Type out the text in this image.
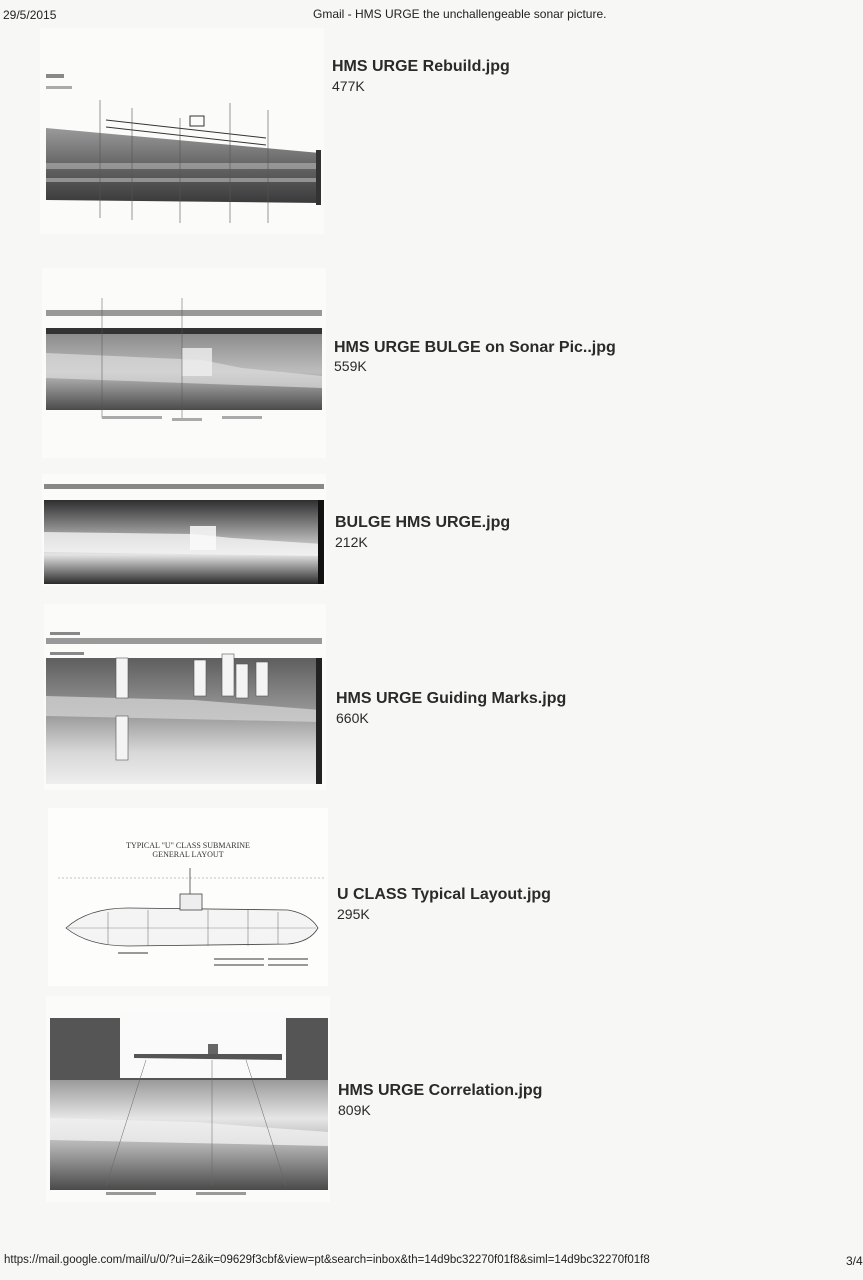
29/5/2015	Gmail - HMS URGE the unchallengeable sonar picture.
HMS URGE Rebuild.jpg
477K
HMS URGE BULGE on Sonar Pic..jpg
559K
BULGE HMS URGE.jpg
212K
HMS URGE Guiding Marks.jpg
660K
TYPICAL "U" CLASS SUBMARINE
GENERAL LAYOUT
U CLASS Typical Layout.jpg
295K
HMS URGE Correlation.jpg
809K
https://mail.google.com/mail/u/0/?ui=2&ik=09629f3cbf&view=pt&search=inbox&th=14d9bc32270f01f8&siml=14d9bc32270f01f8	3/4
